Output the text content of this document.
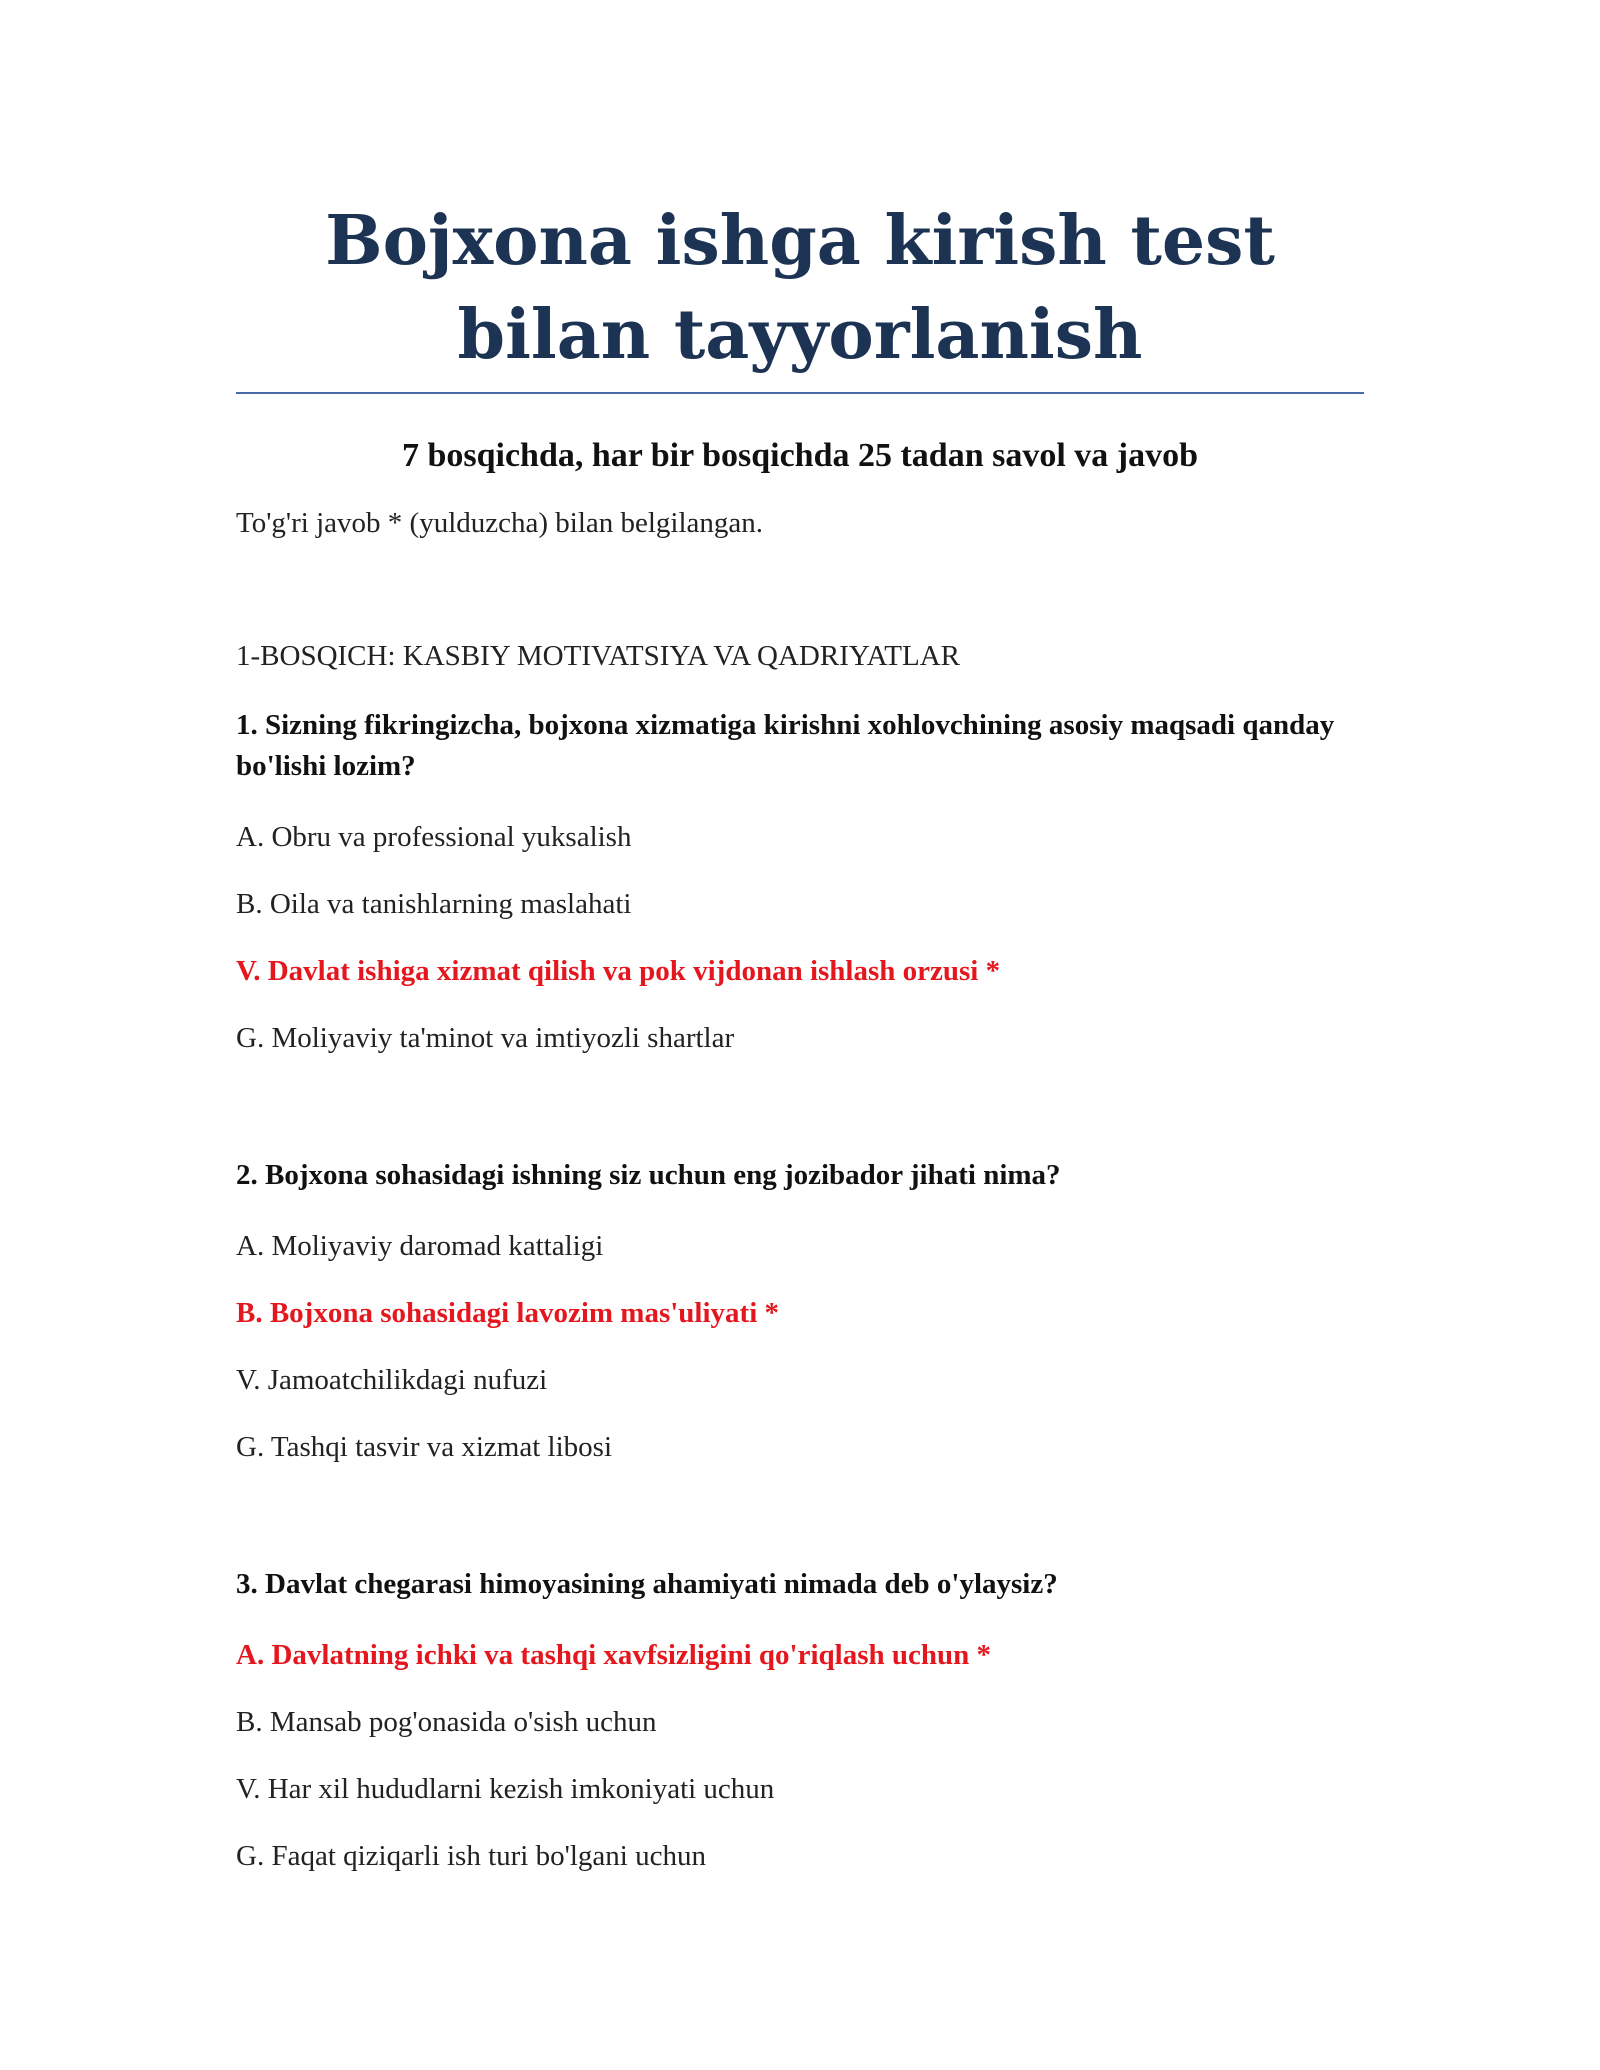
Bojxona ishga kirish test bilan tayyorlanish
7 bosqichda, har bir bosqichda 25 tadan savol va javob
To'g'ri javob * (yulduzcha) bilan belgilangan.
1-BOSQICH: KASBIY MOTIVATSIYA VA QADRIYATLAR
1. Sizning fikringizcha, bojxona xizmatiga kirishni xohlovchining asosiy maqsadi qanday bo'lishi lozim?
A. Obru va professional yuksalish
B. Oila va tanishlarning maslahati
V. Davlat ishiga xizmat qilish va pok vijdonan ishlash orzusi *
G. Moliyaviy ta'minot va imtiyozli shartlar
2. Bojxona sohasidagi ishning siz uchun eng jozibador jihati nima?
A. Moliyaviy daromad kattaligi
B. Bojxona sohasidagi lavozim mas'uliyati *
V. Jamoatchilikdagi nufuzi
G. Tashqi tasvir va xizmat libosi
3. Davlat chegarasi himoyasining ahamiyati nimada deb o'ylaysiz?
A. Davlatning ichki va tashqi xavfsizligini qo'riqlash uchun *
B. Mansab pog'onasida o'sish uchun
V. Har xil hududlarni kezish imkoniyati uchun
G. Faqat qiziqarli ish turi bo'lgani uchun
